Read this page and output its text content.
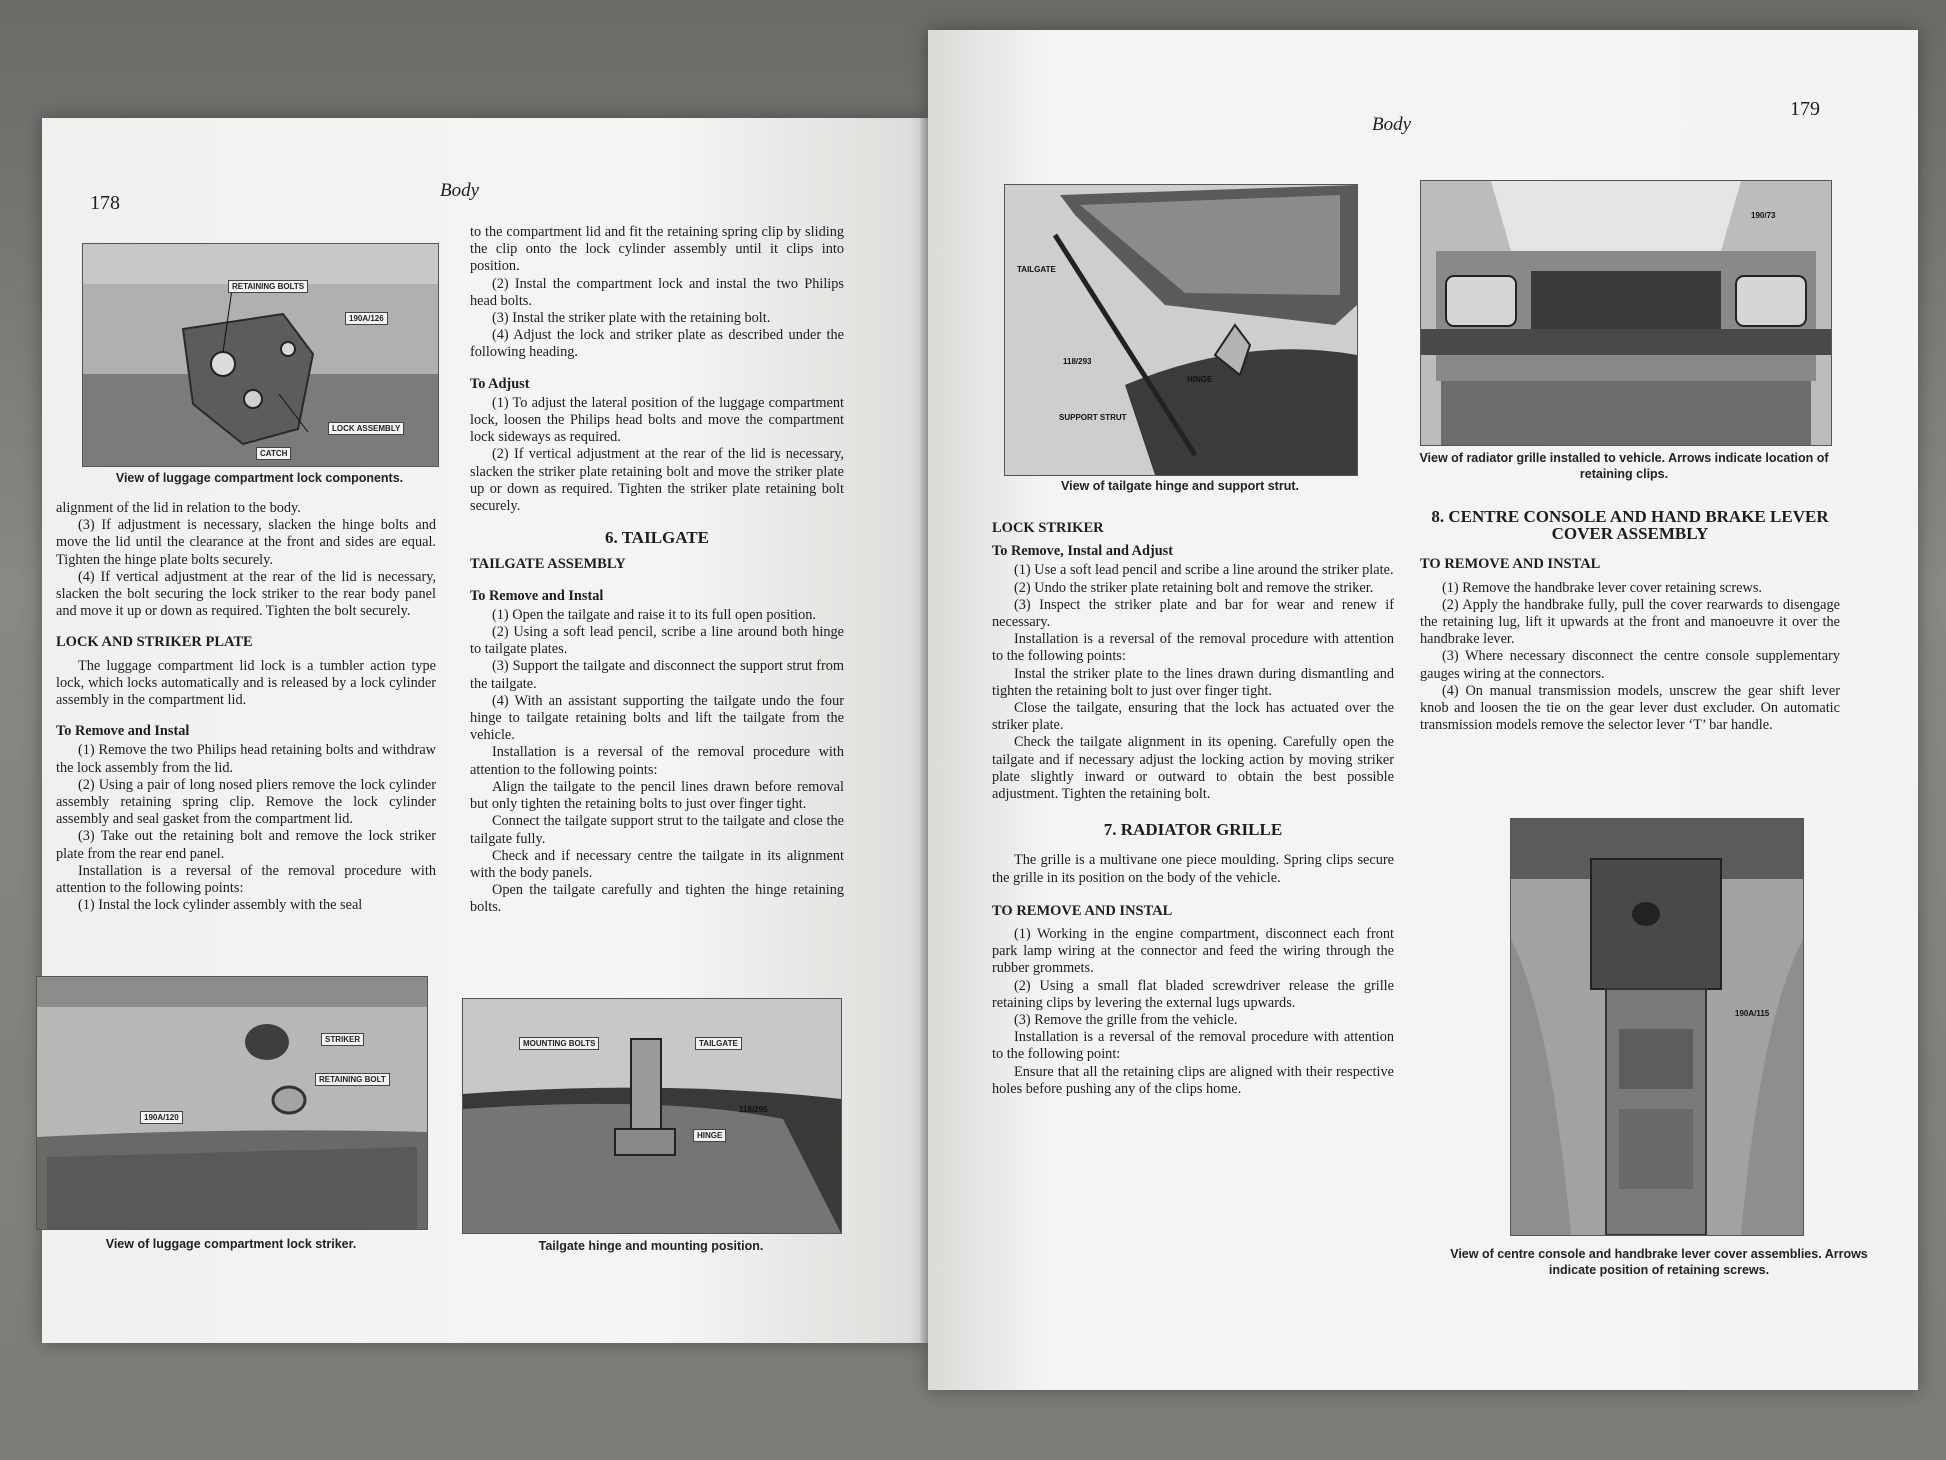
178
Body
RETAINING BOLTS
190A/126
LOCK ASSEMBLY
CATCH
View of luggage compartment lock components.

alignment of the lid in relation to the body.

(3) If adjustment is necessary, slacken the hinge bolts and move the lid until the clearance at the front and sides are equal. Tighten the hinge plate bolts securely.

(4) If vertical adjustment at the rear of the lid is necessary, slacken the bolt securing the lock striker to the rear body panel and move it up or down as required. Tighten the bolt securely.

LOCK AND STRIKER PLATE

The luggage compartment lid lock is a tumbler action type lock, which locks automatically and is released by a lock cylinder assembly in the compartment lid.

To Remove and Instal

(1) Remove the two Philips head retaining bolts and withdraw the lock assembly from the lid.

(2) Using a pair of long nosed pliers remove the lock cylinder assembly retaining spring clip. Remove the lock cylinder assembly and seal gasket from the compartment lid.

(3) Take out the retaining bolt and remove the lock striker plate from the rear end panel.

Installation is a reversal of the removal procedure with attention to the following points:

(1) Instal the lock cylinder assembly with the seal

to the compartment lid and fit the retaining spring clip by sliding the clip onto the lock cylinder assembly until it clips into position.

(2) Instal the compartment lock and instal the two Philips head bolts.

(3) Instal the striker plate with the retaining bolt.

(4) Adjust the lock and striker plate as described under the following heading.

To Adjust

(1) To adjust the lateral position of the luggage compartment lock, loosen the Philips head bolts and move the compartment lock sideways as required.

(2) If vertical adjustment at the rear of the lid is necessary, slacken the striker plate retaining bolt and move the striker plate up or down as required. Tighten the striker plate retaining bolt securely.

6. TAILGATE
TAILGATE ASSEMBLY
To Remove and Instal

(1) Open the tailgate and raise it to its full open position.

(2) Using a soft lead pencil, scribe a line around both hinge to tailgate plates.

(3) Support the tailgate and disconnect the support strut from the tailgate.

(4) With an assistant supporting the tailgate undo the four hinge to tailgate retaining bolts and lift the tailgate from the vehicle.

Installation is a reversal of the removal procedure with attention to the following points:

Align the tailgate to the pencil lines drawn before removal but only tighten the retaining bolts to just over finger tight.

Connect the tailgate support strut to the tailgate and close the tailgate fully.

Check and if necessary centre the tailgate in its alignment with the body panels.

Open the tailgate carefully and tighten the hinge retaining bolts.

STRIKER
RETAINING BOLT
190A/120
View of luggage compartment lock striker.
MOUNTING BOLTS	TAILGATE
118/295
HINGE
Tailgate hinge and mounting position.
Body
179
TAILGATE
118/293
HINGE
SUPPORT STRUT
View of tailgate hinge and support strut.
LOCK STRIKER
To Remove, Instal and Adjust

(1) Use a soft lead pencil and scribe a line around the striker plate.

(2) Undo the striker plate retaining bolt and remove the striker.

(3) Inspect the striker plate and bar for wear and renew if necessary.

Installation is a reversal of the removal procedure with attention to the following points:

Instal the striker plate to the lines drawn during dismantling and tighten the retaining bolt to just over finger tight.

Close the tailgate, ensuring that the lock has actuated over the striker plate.

Check the tailgate alignment in its opening. Carefully open the tailgate and if necessary adjust the locking action by moving striker plate slightly inward or outward to obtain the best possible adjustment. Tighten the retaining bolt.

7. RADIATOR GRILLE

The grille is a multivane one piece moulding. Spring clips secure the grille in its position on the body of the vehicle.

TO REMOVE AND INSTAL

(1) Working in the engine compartment, disconnect each front park lamp wiring at the connector and feed the wiring through the rubber grommets.

(2) Using a small flat bladed screwdriver release the grille retaining clips by levering the external lugs upwards.

(3) Remove the grille from the vehicle.

Installation is a reversal of the removal procedure with attention to the following point:

Ensure that all the retaining clips are aligned with their respective holes before pushing any of the clips home.

190/73
View of radiator grille installed to vehicle. Arrows indicate location of retaining clips.
8. CENTRE CONSOLE AND HAND BRAKE LEVER COVER ASSEMBLY
TO REMOVE AND INSTAL

(1) Remove the handbrake lever cover retaining screws.

(2) Apply the handbrake fully, pull the cover rearwards to disengage the retaining lug, lift it upwards at the front and manoeuvre it over the handbrake lever.

(3) Where necessary disconnect the centre console supplementary gauges wiring at the connectors.

(4) On manual transmission models, unscrew the gear shift lever knob and loosen the tie on the gear lever dust excluder. On automatic transmission models remove the selector lever ‘T’ bar handle.

190A/115
View of centre console and handbrake lever cover assemblies. Arrows indicate position of retaining screws.
